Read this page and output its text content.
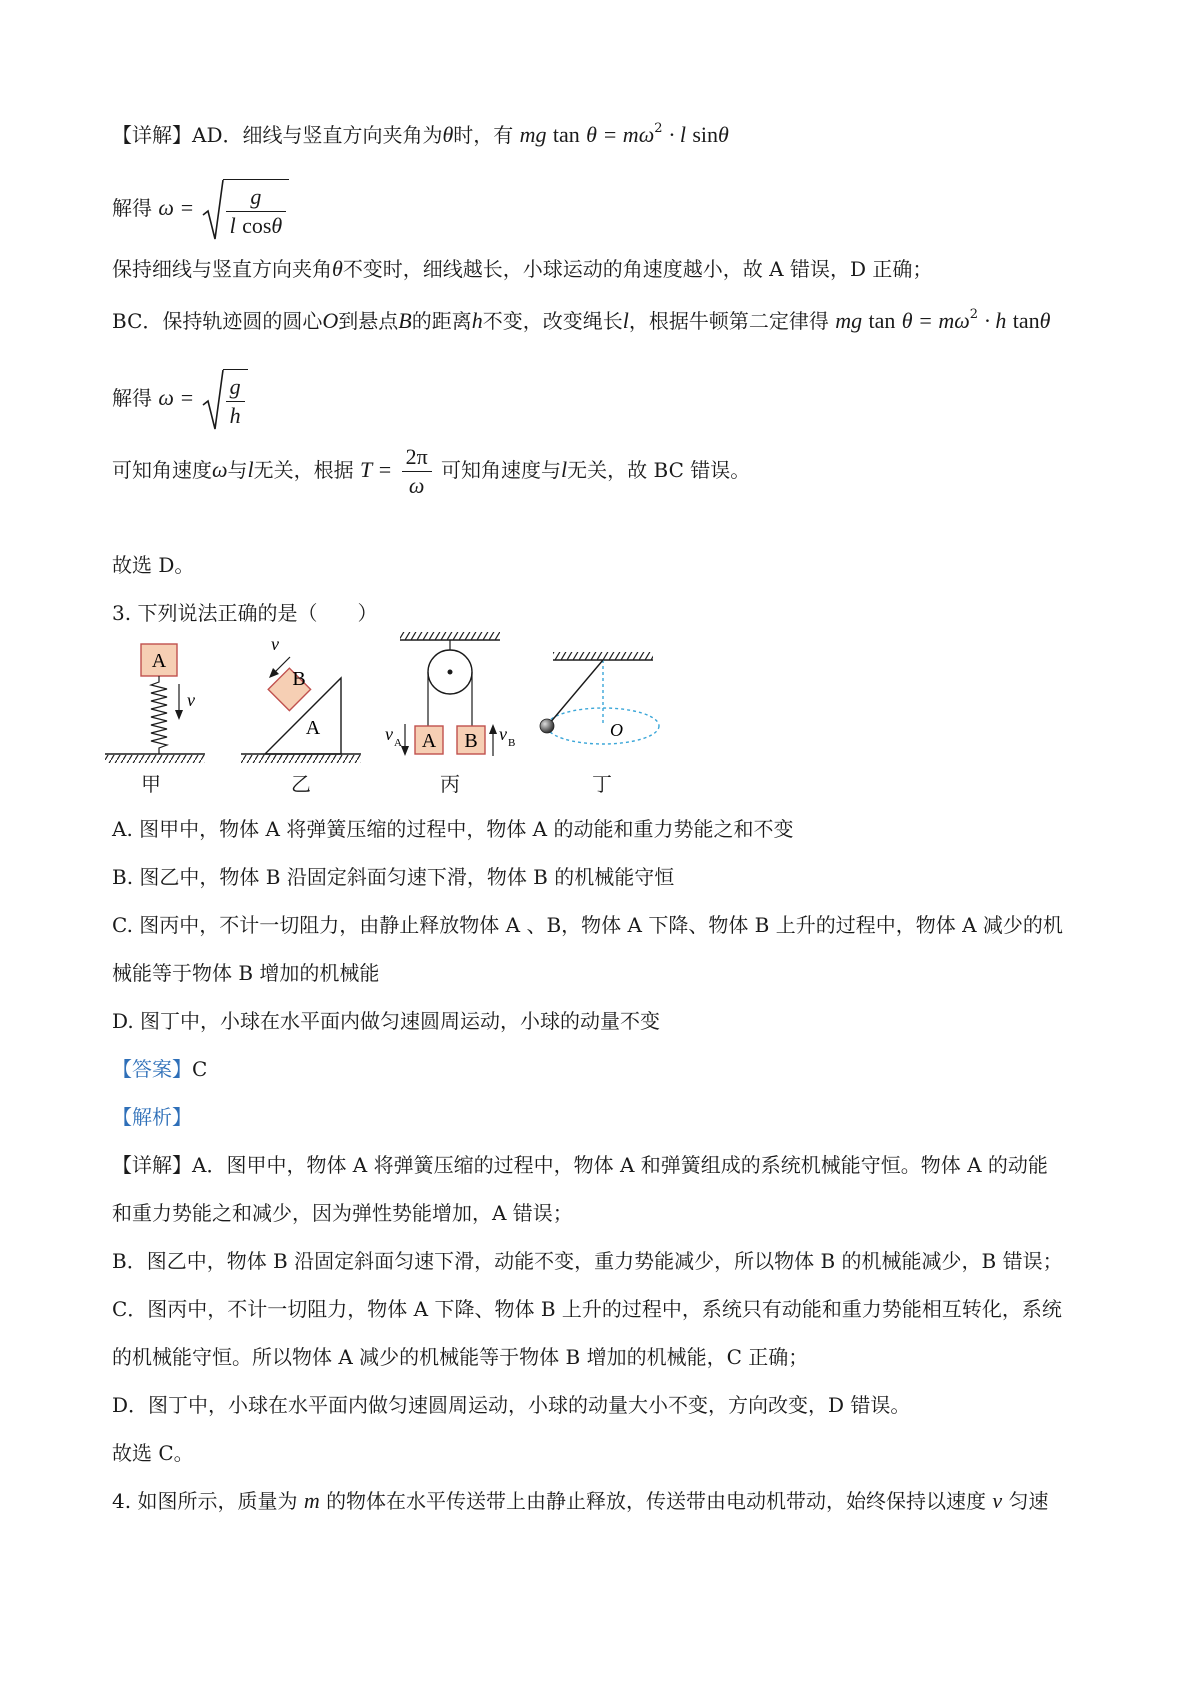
【详解】AD．细线与竖直方向夹角为θ时，有 mg $\tan \theta = m\omega^2 \cdot l$ sinθ
解得 $\omega = \frac{g}{\text{l cosθ}}$
保持细线与竖直方向夹角θ不变时，细线越长，小球运动的角速度越小，故 A 错误，D 正确；
BC．保持轨迹圆的圆心O到悬点B的距离h不变，改变绳长l，根据牛顿第二定律得 mg $\tan \theta = m\omega^2 \cdot h$ tanθ
解得 $\omega = \frac{g}{h}$
可知角速度ω与l无关，根据 $T = \frac{2\pi}{\omega}$ 可知角速度与l无关，故 BC 错误。
故选 D。
3. 下列说法正确的是（　　）
A
v
A
B
v
A B
v A	v B
O
甲	乙	丙	丁
A. 图甲中，物体 A 将弹簧压缩的过程中，物体 A 的动能和重力势能之和不变
B. 图乙中，物体 B 沿固定斜面匀速下滑，物体 B 的机械能守恒
C. 图丙中，不计一切阻力，由静止释放物体 A 、B，物体 A 下降、物体 B 上升的过程中，物体 A 减少的机
械能等于物体 B 增加的机械能
D. 图丁中，小球在水平面内做匀速圆周运动，小球的动量不变
【答案】C
【解析】
【详解】A．图甲中，物体 A 将弹簧压缩的过程中，物体 A 和弹簧组成的系统机械能守恒。物体 A 的动能
和重力势能之和减少，因为弹性势能增加，A 错误；
B．图乙中，物体 B 沿固定斜面匀速下滑，动能不变，重力势能减少，所以物体 B 的机械能减少，B 错误；
C．图丙中，不计一切阻力，物体 A 下降、物体 B 上升的过程中，系统只有动能和重力势能相互转化，系统
的机械能守恒。所以物体 A 减少的机械能等于物体 B 增加的机械能，C 正确；
D．图丁中，小球在水平面内做匀速圆周运动，小球的动量大小不变，方向改变，D 错误。
故选 C。
4. 如图所示，质量为 m 的物体在水平传送带上由静止释放，传送带由电动机带动，始终保持以速度 v 匀速
